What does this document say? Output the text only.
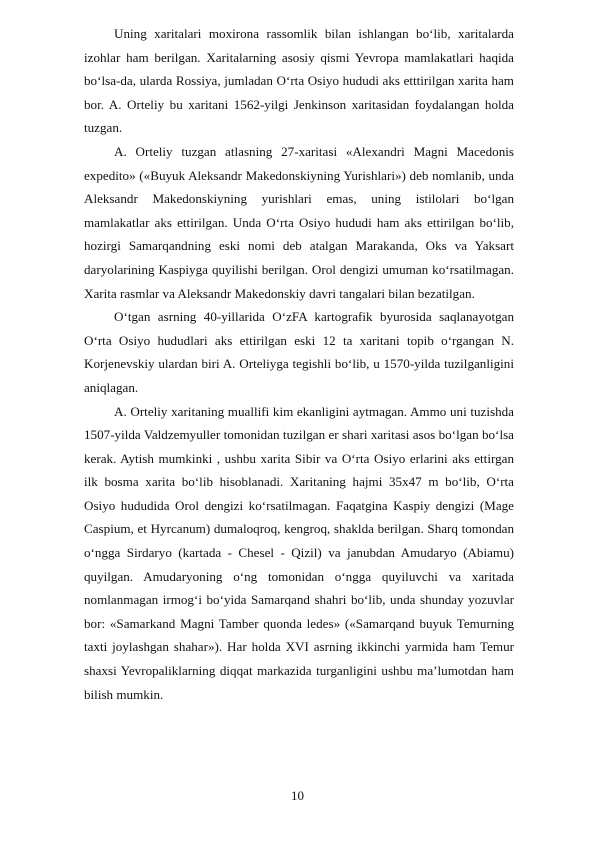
Uning xaritalari moxirona rassomlik bilan ishlangan bo‘lib, xaritalarda izohlar ham berilgan. Xaritalarning asosiy qismi Yevropa mamlakatlari haqida bo‘lsa-da, ularda Rossiya, jumladan O‘rta Osiyo hududi aks etttirilgan xarita ham bor. A. Orteliy bu xaritani 1562-yilgi Jenkinson xaritasidan foydalangan holda tuzgan.

A. Orteliy tuzgan atlasning 27-xaritasi «Alexandri Magni Macedonis expedito» («Buyuk Aleksandr Makedonskiyning Yurishlari») deb nomlanib, unda Aleksandr Makedonskiyning yurishlari emas, uning istilolari bo‘lgan mamlakatlar aks ettirilgan. Unda O‘rta Osiyo hududi ham aks ettirilgan bo‘lib, hozirgi Samarqandning eski nomi deb atalgan Marakanda, Oks va Yaksart daryolarining Kaspiyga quyilishi berilgan. Orol dengizi umuman ko‘rsatilmagan. Xarita rasmlar va Aleksandr Makedonskiy davri tangalari bilan bezatilgan.

O‘tgan asrning 40-yillarida O‘zFA kartografik byurosida saqlanayotgan O‘rta Osiyo hududlari aks ettirilgan eski 12 ta xaritani topib o‘rgangan N. Korjenevskiy ulardan biri A. Orteliyga tegishli bo‘lib, u 1570-yilda tuzilganligini aniqlagan.

A. Orteliy xaritaning muallifi kim ekanligini aytmagan. Ammo uni tuzishda 1507-yilda Valdzemyuller tomonidan tuzilgan er shari xaritasi asos bo‘lgan bo‘lsa kerak. Aytish mumkinki , ushbu xarita Sibir va O‘rta Osiyo erlarini aks ettirgan ilk bosma xarita bo‘lib hisoblanadi. Xaritaning hajmi 35x47 m bo‘lib, O‘rta Osiyo hududida Orol dengizi ko‘rsatilmagan. Faqatgina Kaspiy dengizi (Mage Caspium, et Hyrcanum) dumaloqroq, kengroq, shaklda berilgan. Sharq tomondan o‘ngga Sirdaryo (kartada - Chesel - Qizil) va janubdan Amudaryo (Abiamu) quyilgan. Amudaryoning o‘ng tomonidan o‘ngga quyiluvchi va xaritada nomlanmagan irmog‘i bo‘yida Samarqand shahri bo‘lib, unda shunday yozuvlar bor: «Samarkand Magni Tamber quonda ledes» («Samarqand buyuk Temurning taxti joylashgan shahar»). Har holda XVI asrning ikkinchi yarmida ham Temur shaxsi Yevropaliklarning diqqat markazida turganligini ushbu ma’lumotdan ham bilish mumkin.

10
